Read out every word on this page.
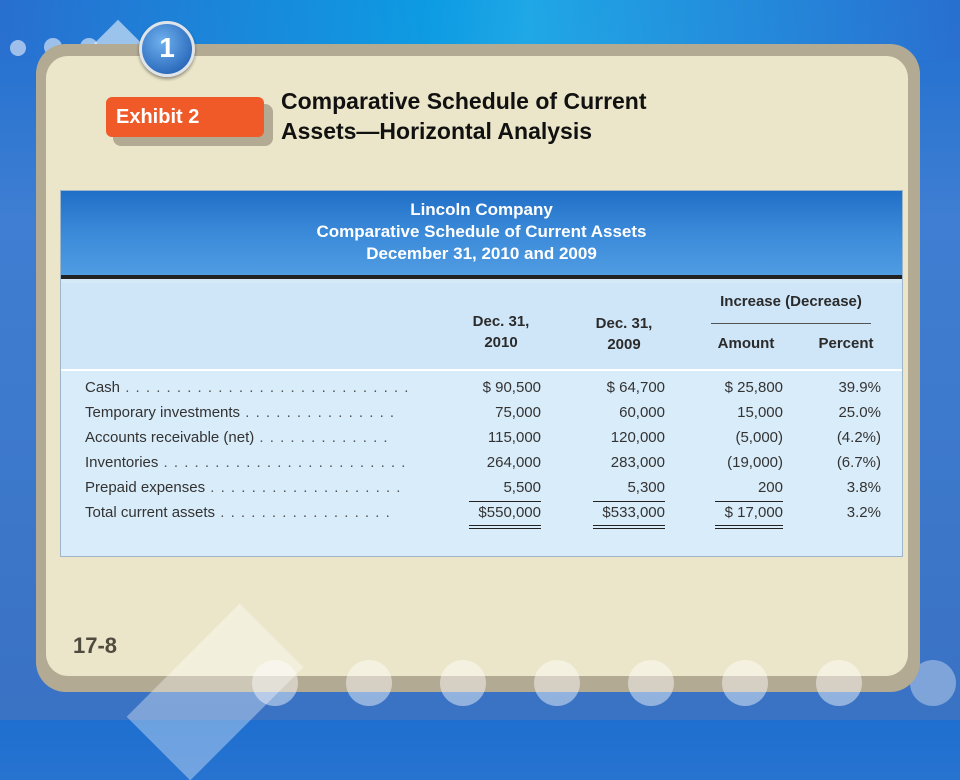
1
Exhibit 2
Comparative Schedule of Current
Assets—Horizontal Analysis
Lincoln Company
Comparative Schedule of Current Assets
December 31, 2010 and 2009
Dec. 31,
2010
Dec. 31,
2009
Increase (Decrease)
Amount	Percent
Cash . . . . . . . . . . . . . . . . . . . . . . . . . . . .	$ 90,500	$ 64,700	$ 25,800	39.9%
Temporary investments . . . . . . . . . . . . . . .	75,000	60,000	15,000	25.0%
Accounts receivable (net) . . . . . . . . . . . . .	115,000	120,000	(5,000)	(4.2%)
Inventories . . . . . . . . . . . . . . . . . . . . . . . .	264,000	283,000	(19,000)	(6.7%)
Prepaid expenses . . . . . . . . . . . . . . . . . . .	5,500	5,300	200	3.8%
Total current assets . . . . . . . . . . . . . . . . .	$550,000	$533,000	$ 17,000	3.2%
17-8
